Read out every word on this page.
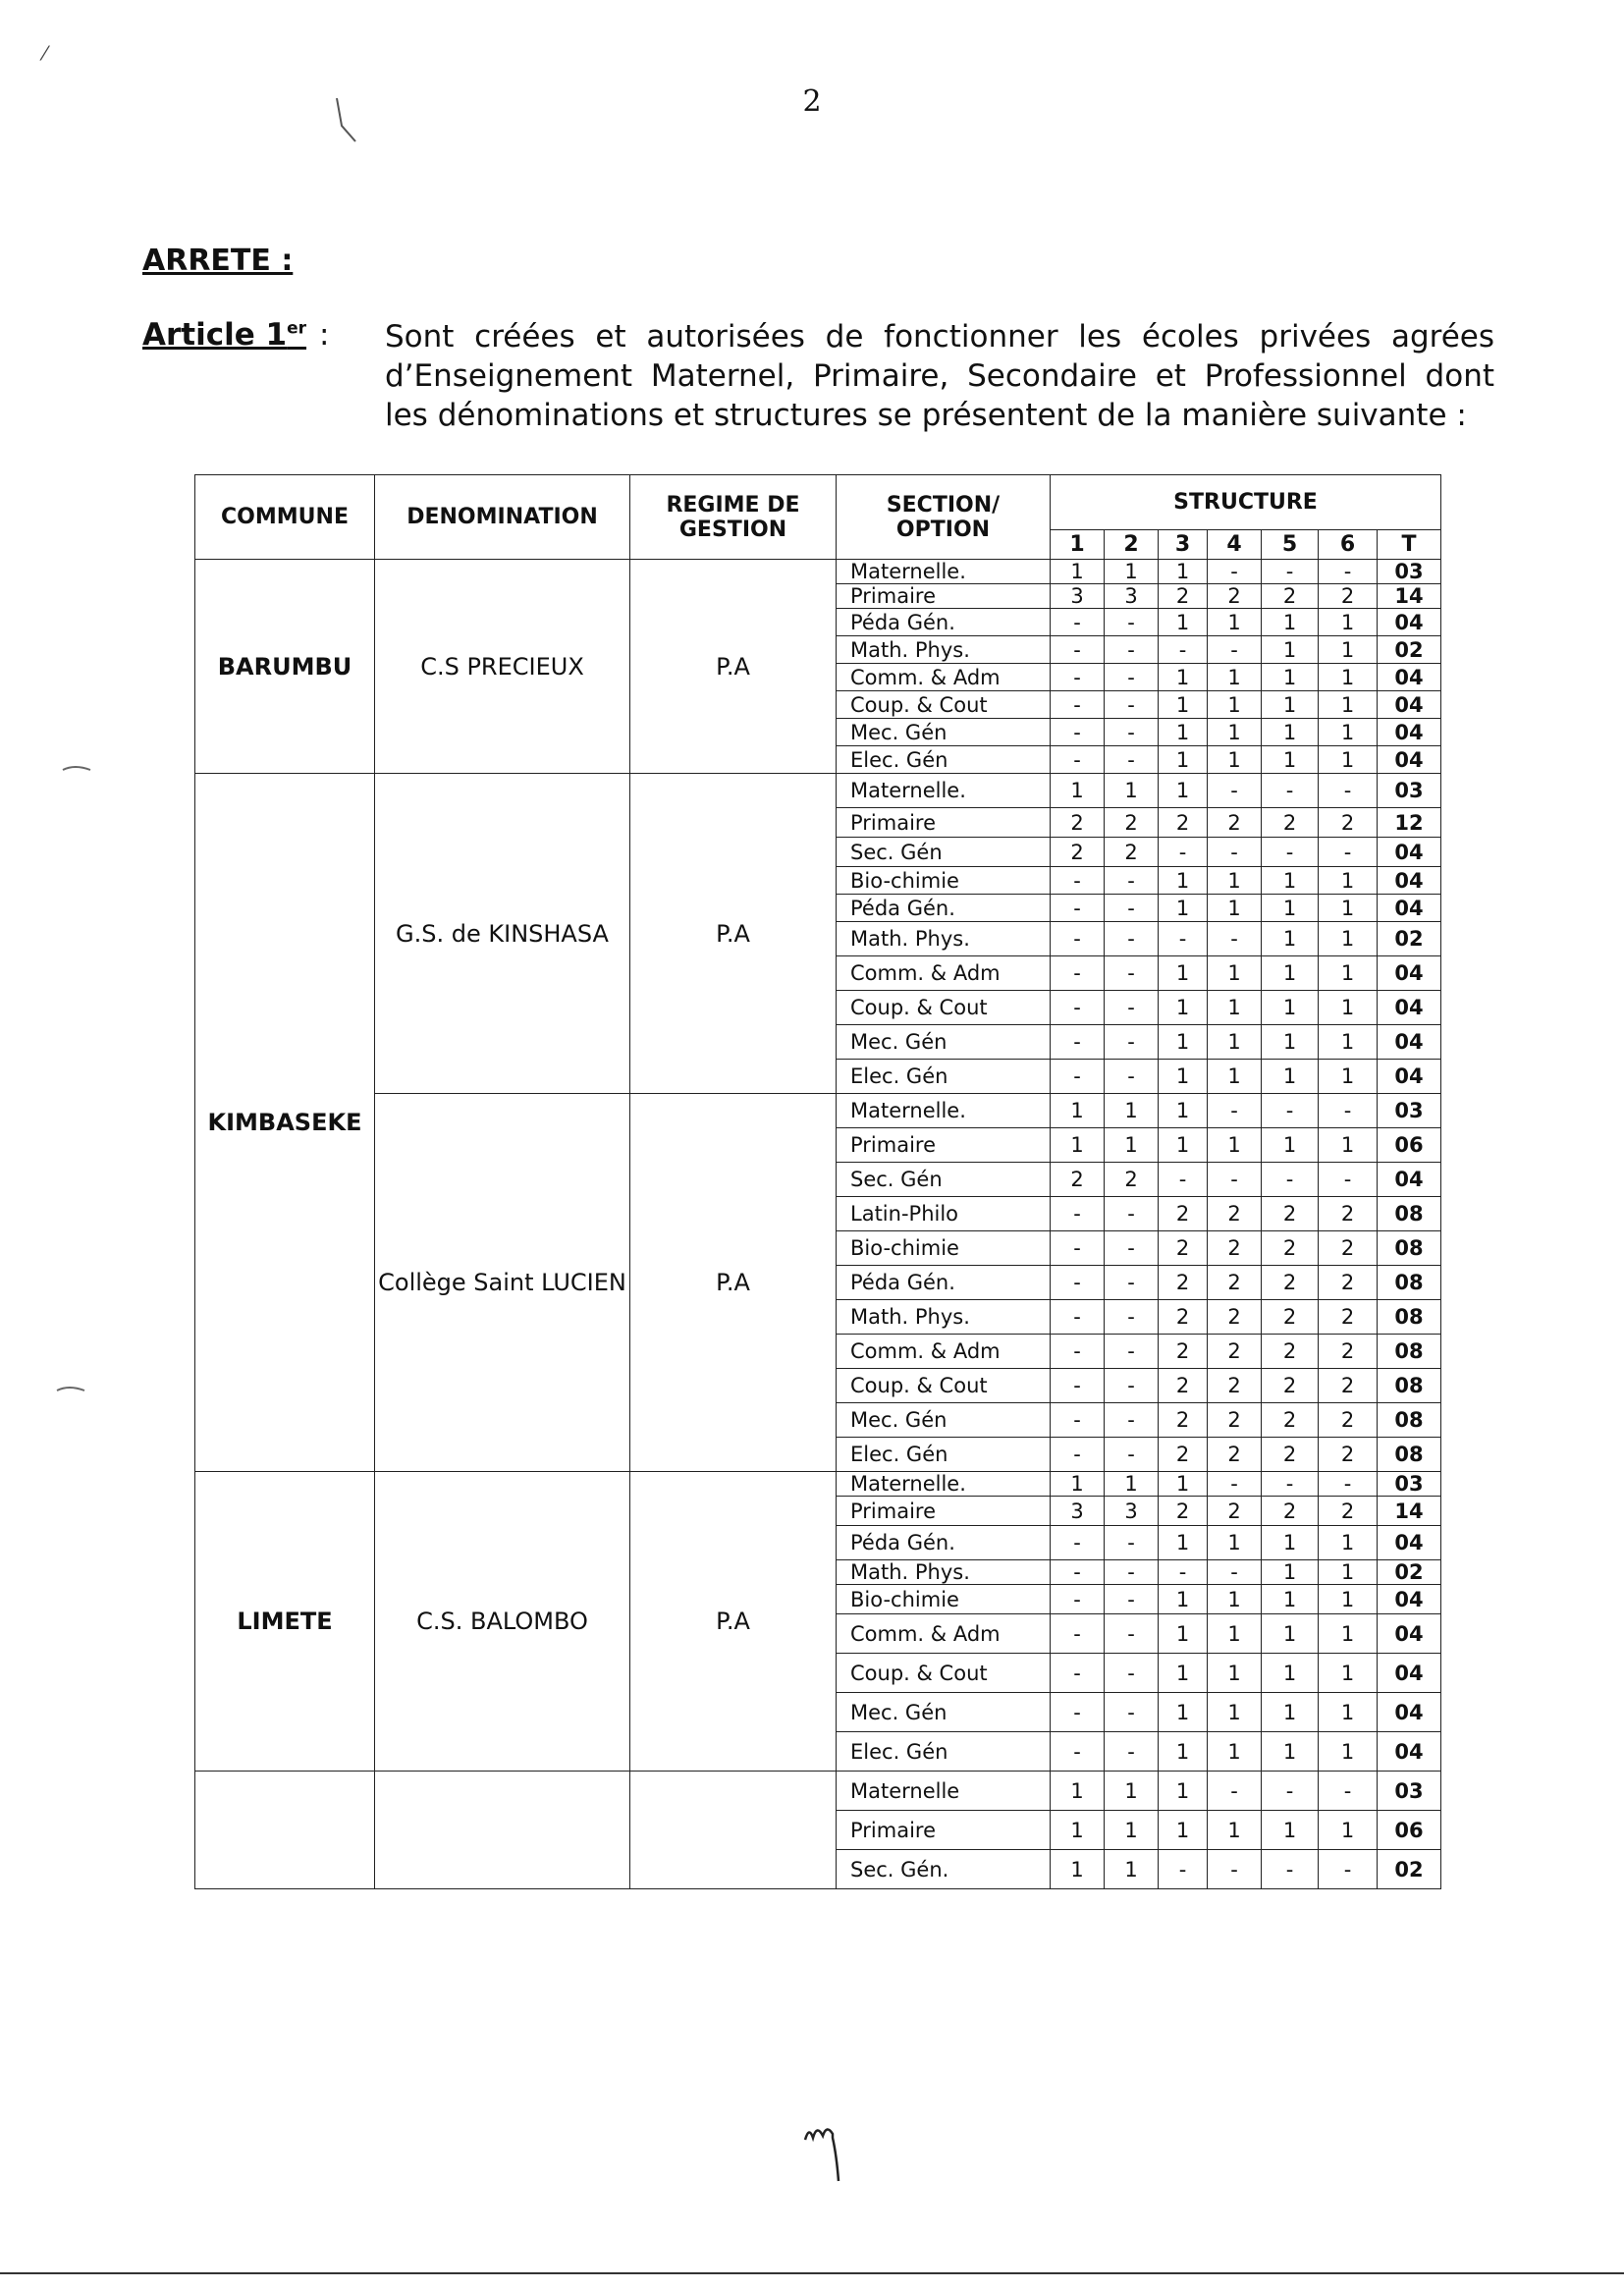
2
⁄
ARRETE :
Article 1er : Sont créées et autorisées de fonctionner les écoles privées agrées d’Enseignement Maternel, Primaire, Secondaire et Professionnel dont les dénominations et structures se présentent de la manière suivante :
COMMUNE	DENOMINATION	REGIME DE GESTION	SECTION/ OPTION	STRUCTURE						
				1	2	3	4	5	6	T
BARUMBU	C.S PRECIEUX	P.A	Maternelle.	1	1	1	-	-	-	03
			Primaire	3	3	2	2	2	2	14
			Péda Gén.	-	-	1	1	1	1	04
			Math. Phys.	-	-	-	-	1	1	02
			Comm. & Adm	-	-	1	1	1	1	04
			Coup. & Cout	-	-	1	1	1	1	04
			Mec. Gén	-	-	1	1	1	1	04
			Elec. Gén	-	-	1	1	1	1	04
KIMBASEKE	G.S. de KINSHASA	P.A	Maternelle.	1	1	1	-	-	-	03
			Primaire	2	2	2	2	2	2	12
			Sec. Gén	2	2	-	-	-	-	04
			Bio-chimie	-	-	1	1	1	1	04
			Péda Gén.	-	-	1	1	1	1	04
			Math. Phys.	-	-	-	-	1	1	02
			Comm. & Adm	-	-	1	1	1	1	04
			Coup. & Cout	-	-	1	1	1	1	04
			Mec. Gén	-	-	1	1	1	1	04
			Elec. Gén	-	-	1	1	1	1	04
	Collège Saint LUCIEN	P.A	Maternelle.	1	1	1	-	-	-	03
			Primaire	1	1	1	1	1	1	06
			Sec. Gén	2	2	-	-	-	-	04
			Latin-Philo	-	-	2	2	2	2	08
			Bio-chimie	-	-	2	2	2	2	08
			Péda Gén.	-	-	2	2	2	2	08
			Math. Phys.	-	-	2	2	2	2	08
			Comm. & Adm	-	-	2	2	2	2	08
			Coup. & Cout	-	-	2	2	2	2	08
			Mec. Gén	-	-	2	2	2	2	08
			Elec. Gén	-	-	2	2	2	2	08
LIMETE	C.S. BALOMBO	P.A	Maternelle.	1	1	1	-	-	-	03
			Primaire	3	3	2	2	2	2	14
			Péda Gén.	-	-	1	1	1	1	04
			Math. Phys.	-	-	-	-	1	1	02
			Bio-chimie	-	-	1	1	1	1	04
			Comm. & Adm	-	-	1	1	1	1	04
			Coup. & Cout	-	-	1	1	1	1	04
			Mec. Gén	-	-	1	1	1	1	04
			Elec. Gén	-	-	1	1	1	1	04
			Maternelle	1	1	1	-	-	-	03
			Primaire	1	1	1	1	1	1	06
			Sec. Gén.	1	1	-	-	-	-	02
